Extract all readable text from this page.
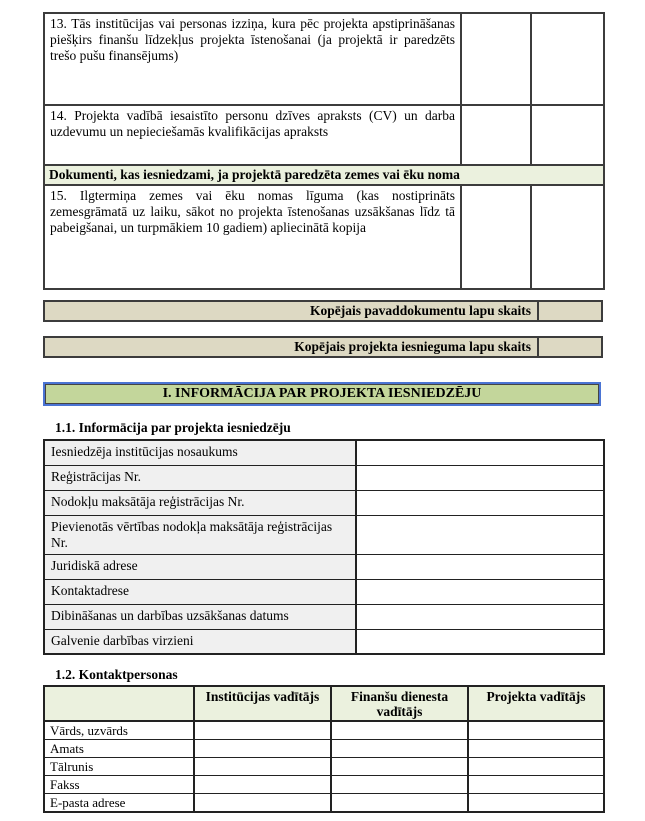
13. Tās institūcijas vai personas izziņa, kura pēc projekta apstiprināšanas piešķirs finanšu līdzekļus projekta īstenošanai (ja projektā ir paredzēts trešo pušu finansējums)		
14. Projekta vadībā iesaistīto personu dzīves apraksts (CV) un darba uzdevumu un nepieciešamās kvalifikācijas apraksts		
Dokumenti, kas iesniedzami, ja projektā paredzēta zemes vai ēku noma		
15. Ilgtermiņa zemes vai ēku nomas līguma (kas nostiprināts zemesgrāmatā uz laiku, sākot no projekta īstenošanas uzsākšanas līdz tā pabeigšanai, un turpmākiem 10 gadiem) apliecinātā kopija		
Kopējais pavaddokumentu lapu skaits
Kopējais projekta iesnieguma lapu skaits
I. INFORMĀCIJA PAR PROJEKTA IESNIEDZĒJU
1.1. Informācija par projekta iesniedzēju
Iesniedzēja institūcijas nosaukums	
Reģistrācijas Nr.	
Nodokļu maksātāja reģistrācijas Nr.	
Pievienotās vērtības nodokļa maksātāja reģistrācijas Nr.	
Juridiskā adrese	
Kontaktadrese	
Dibināšanas un darbības uzsākšanas datums	
Galvenie darbības virzieni	
1.2. Kontaktpersonas
	Institūcijas vadītājs	Finanšu dienesta vadītājs	Projekta vadītājs
Vārds, uzvārds			
Amats			
Tālrunis			
Fakss			
E-pasta adrese			
